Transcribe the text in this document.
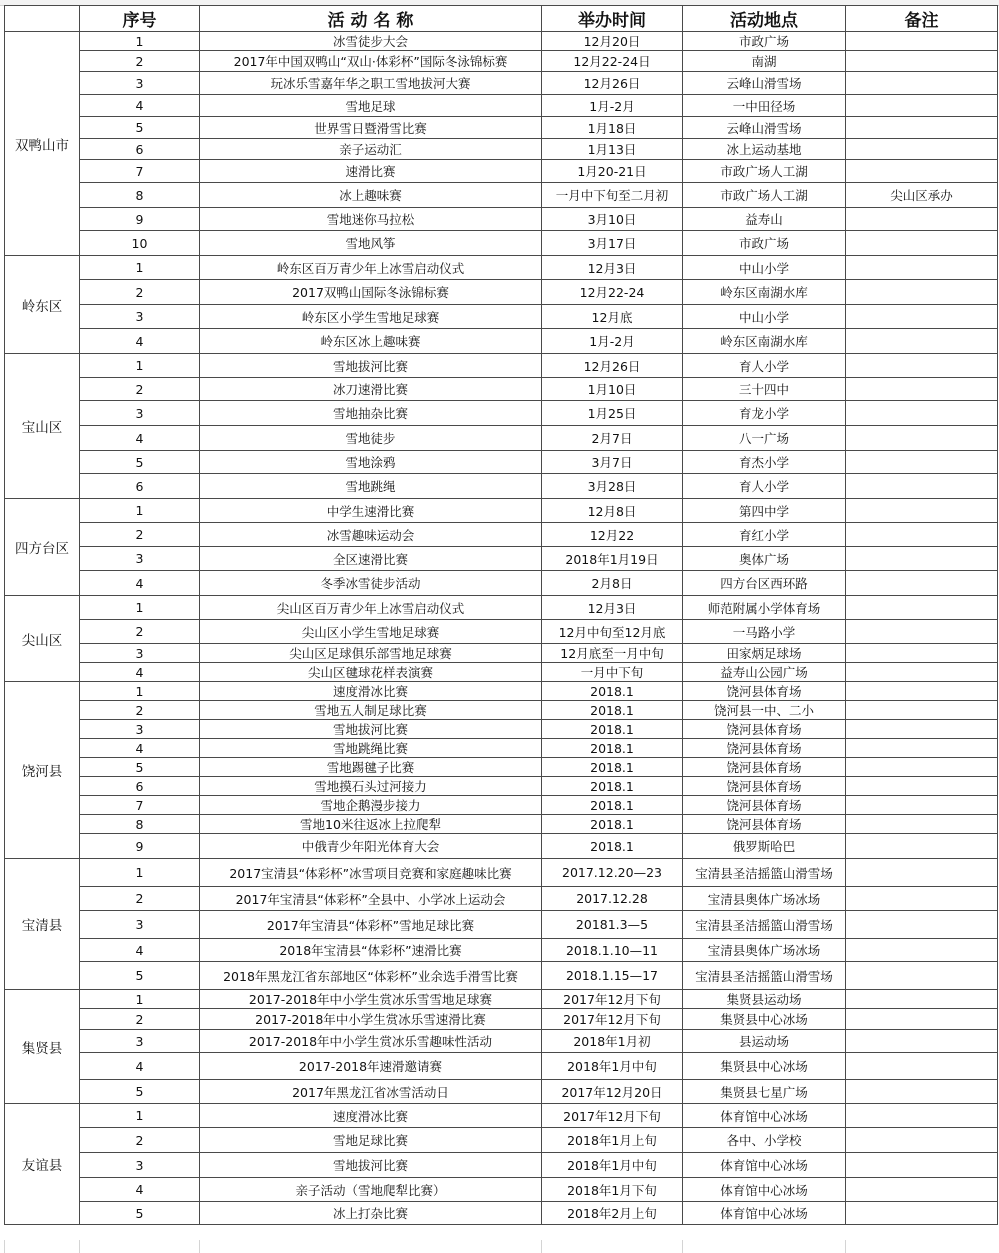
	序号	活 动 名 称	举办时间	活动地点	备注
双鸭山市	1	冰雪徒步大会	12月20日	市政广场	
	2	2017年中国双鸭山“双山·体彩杯”国际冬泳锦标赛	12月22-24日	南湖	
	3	玩冰乐雪嘉年华之职工雪地拔河大赛	12月26日	云峰山滑雪场	
	4	雪地足球	1月-2月	一中田径场	
	5	世界雪日暨滑雪比赛	1月18日	云峰山滑雪场	
	6	亲子运动汇	1月13日	冰上运动基地	
	7	速滑比赛	1月20-21日	市政广场人工湖	
	8	冰上趣味赛	一月中下旬至二月初	市政广场人工湖	尖山区承办
	9	雪地迷你马拉松	3月10日	益寿山	
	10	雪地风筝	3月17日	市政广场	
岭东区	1	岭东区百万青少年上冰雪启动仪式	12月3日	中山小学	
	2	2017双鸭山国际冬泳锦标赛	12月22-24	岭东区南湖水库	
	3	岭东区小学生雪地足球赛	12月底	中山小学	
	4	岭东区冰上趣味赛	1月-2月	岭东区南湖水库	
宝山区	1	雪地拔河比赛	12月26日	育人小学	
	2	冰刀速滑比赛	1月10日	三十四中	
	3	雪地抽杂比赛	1月25日	育龙小学	
	4	雪地徒步	2月7日	八一广场	
	5	雪地涂鸦	3月7日	育杰小学	
	6	雪地跳绳	3月28日	育人小学	
四方台区	1	中学生速滑比赛	12月8日	第四中学	
	2	冰雪趣味运动会	12月22	育红小学	
	3	全区速滑比赛	2018年1月19日	奥体广场	
	4	冬季冰雪徒步活动	2月8日	四方台区西环路	
尖山区	1	尖山区百万青少年上冰雪启动仪式	12月3日	师范附属小学体育场	
	2	尖山区小学生雪地足球赛	12月中旬至12月底	一马路小学	
	3	尖山区足球俱乐部雪地足球赛	12月底至一月中旬	田家炳足球场	
	4	尖山区毽球花样表演赛	一月中下旬	益寿山公园广场	
饶河县	1	速度滑冰比赛	2018.1	饶河县体育场	
	2	雪地五人制足球比赛	2018.1	饶河县一中、二小	
	3	雪地拔河比赛	2018.1	饶河县体育场	
	4	雪地跳绳比赛	2018.1	饶河县体育场	
	5	雪地踢毽子比赛	2018.1	饶河县体育场	
	6	雪地摸石头过河接力	2018.1	饶河县体育场	
	7	雪地企鹅漫步接力	2018.1	饶河县体育场	
	8	雪地10米往返冰上拉爬犁	2018.1	饶河县体育场	
	9	中俄青少年阳光体育大会	2018.1	俄罗斯哈巴	
宝清县	1	2017宝清县“体彩杯”冰雪项目竞赛和家庭趣味比赛	2017.12.20—23	宝清县圣洁摇篮山滑雪场	
	2	2017年宝清县“体彩杯”全县中、小学冰上运动会	2017.12.28	宝清县奥体广场冰场	
	3	2017年宝清县“体彩杯”雪地足球比赛	20181.3—5	宝清县圣洁摇篮山滑雪场	
	4	2018年宝清县“体彩杯”速滑比赛	2018.1.10—11	宝清县奥体广场冰场	
	5	2018年黑龙江省东部地区“体彩杯”业余选手滑雪比赛	2018.1.15—17	宝清县圣洁摇篮山滑雪场	
集贤县	1	2017-2018年中小学生赏冰乐雪雪地足球赛	2017年12月下旬	集贤县运动场	
	2	2017-2018年中小学生赏冰乐雪速滑比赛	2017年12月下旬	集贤县中心冰场	
	3	2017-2018年中小学生赏冰乐雪趣味性活动	2018年1月初	县运动场	
	4	2017-2018年速滑邀请赛	2018年1月中旬	集贤县中心冰场	
	5	2017年黑龙江省冰雪活动日	2017年12月20日	集贤县七星广场	
友谊县	1	速度滑冰比赛	2017年12月下旬	体育馆中心冰场	
	2	雪地足球比赛	2018年1月上旬	各中、小学校	
	3	雪地拔河比赛	2018年1月中旬	体育馆中心冰场	
	4	亲子活动（雪地爬犁比赛）	2018年1月下旬	体育馆中心冰场	
	5	冰上打杂比赛	2018年2月上旬	体育馆中心冰场	
